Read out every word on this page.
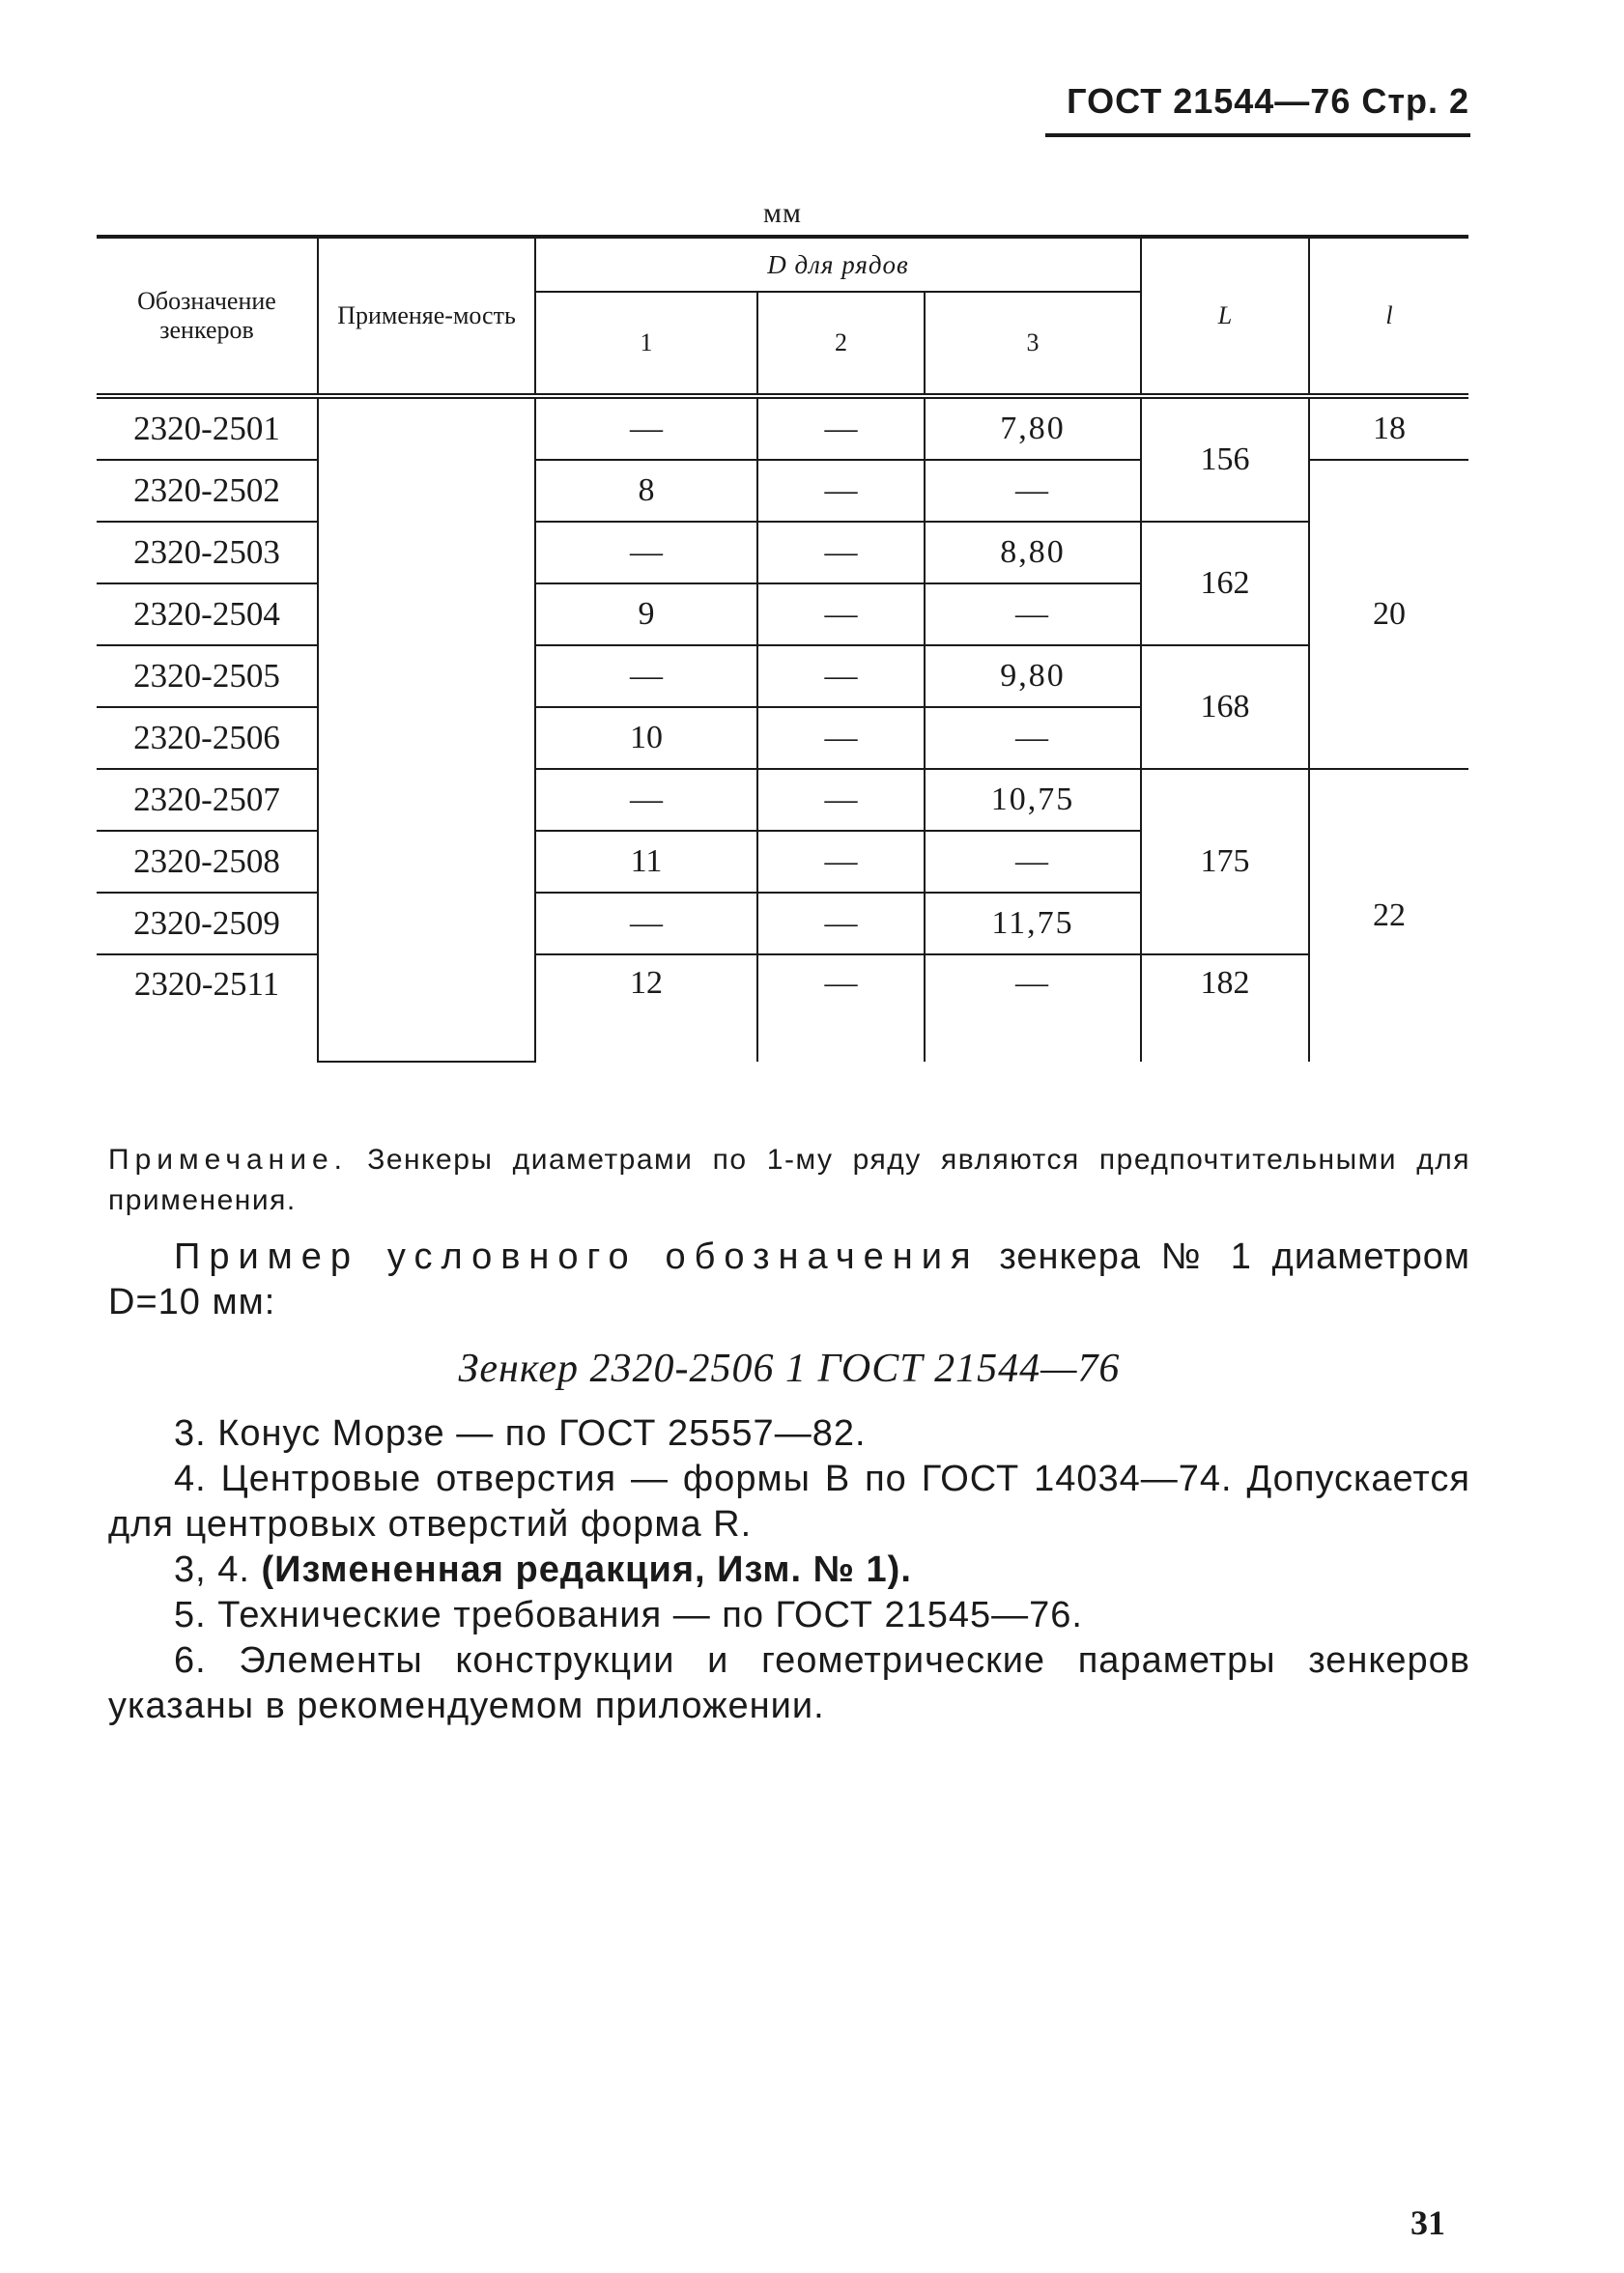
ГОСТ 21544—76 Стр. 2
мм
Обозначение зенкеров	Применяе-мость	D для рядов			L	l
		1	2	3		
2320-2501		—	—	7,80	156	18
2320-2502		8	—	—		20
2320-2503		—	—	8,80	162	
2320-2504		9	—	—		
2320-2505		—	—	9,80	168	
2320-2506		10	—	—		
2320-2507		—	—	10,75	175	22
2320-2508		11	—	—		
2320-2509		—	—	11,75		
2320-2511		12	—	—	182	
Примечание. Зенкеры диаметрами по 1-му ряду являются предпочтительными для применения.

Пример условного обозначения зенкера № 1 диаметром D=10 мм:

Зенкер 2320-2506 1 ГОСТ 21544—76

3. Конус Морзе — по ГОСТ 25557—82.

4. Центровые отверстия — формы В по ГОСТ 14034—74. Допускается для центровых отверстий форма R.

3, 4. (Измененная редакция, Изм. № 1).

5. Технические требования — по ГОСТ 21545—76.

6. Элементы конструкции и геометрические параметры зенкеров указаны в рекомендуемом приложении.

31
